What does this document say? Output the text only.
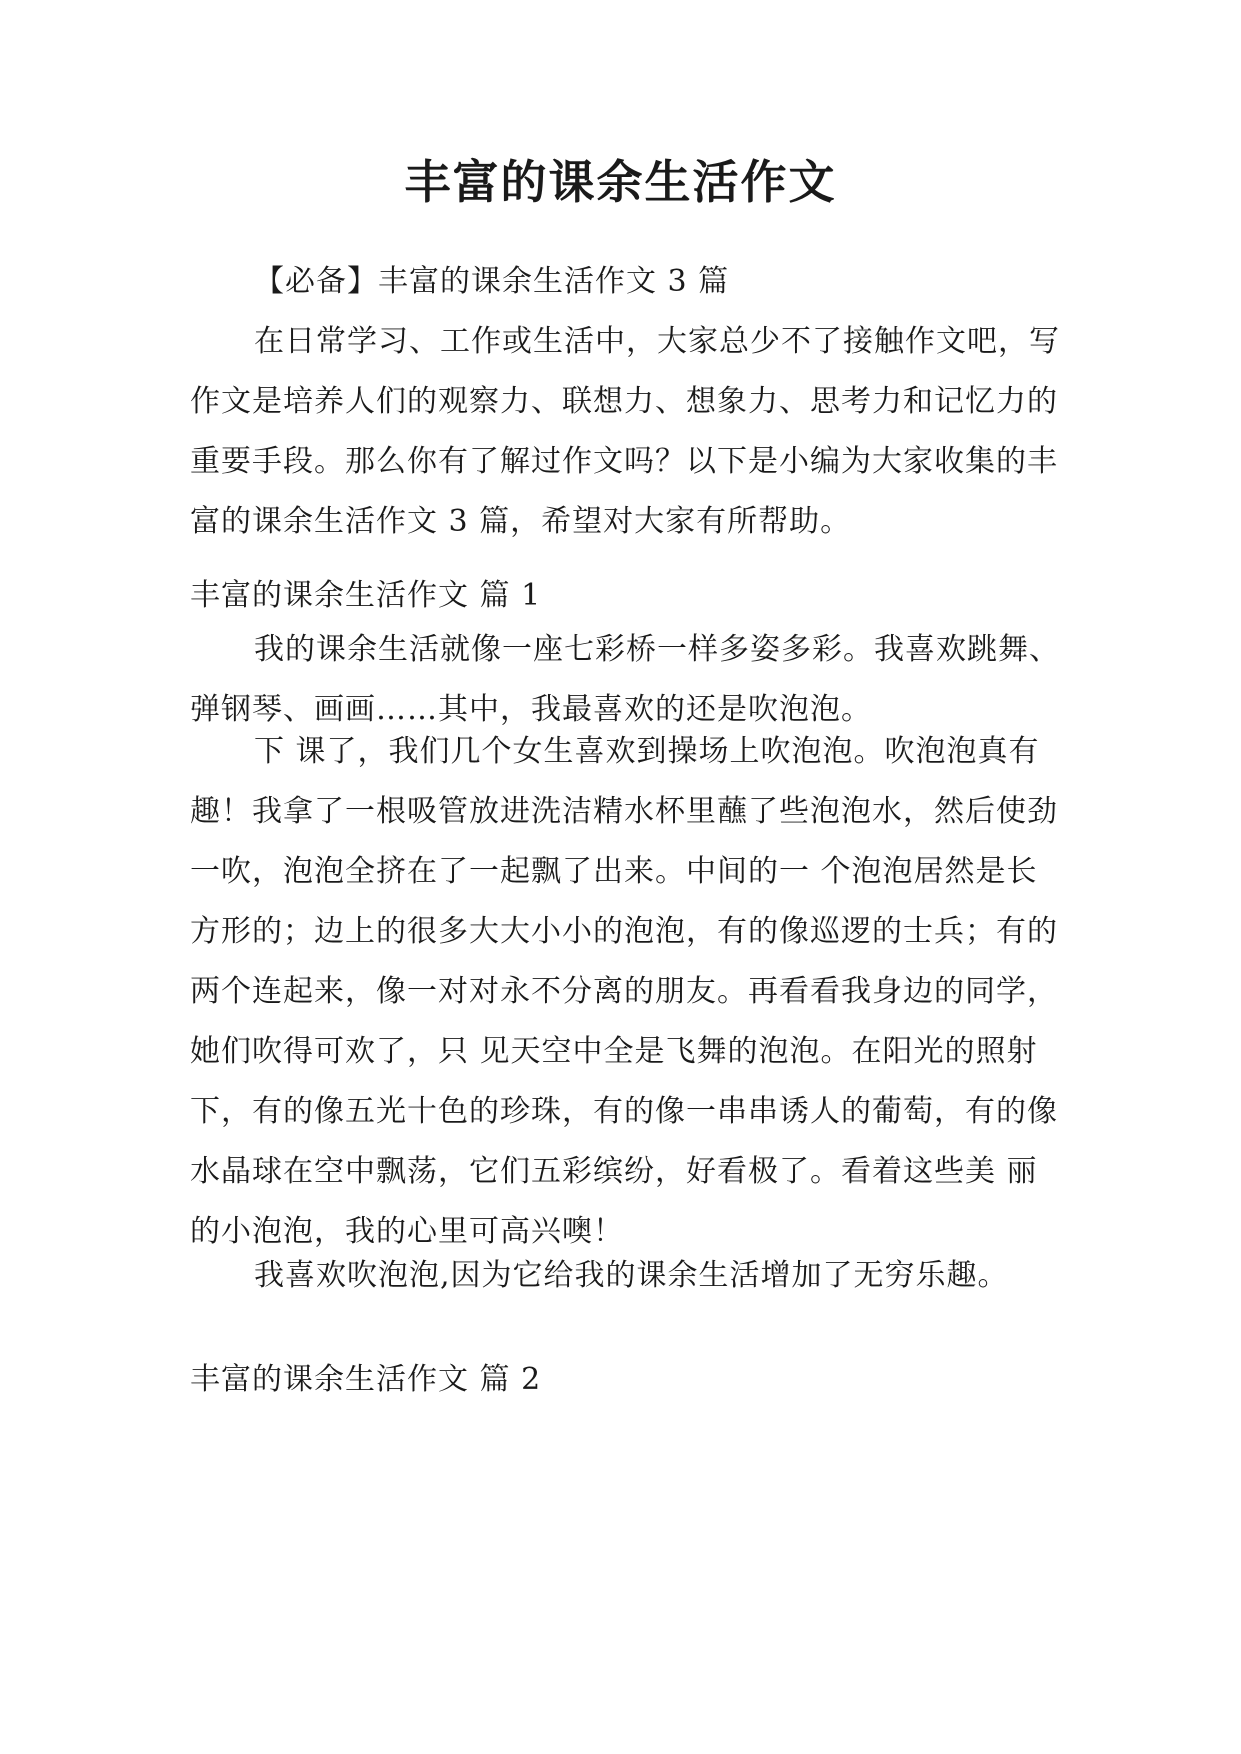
丰富的课余生活作文

【必备】丰富的课余生活作文 3 篇

在日常学习、工作或生活中，大家总少不了接触作文吧，写作文是培养人们的观察力、联想力、想象力、思考力和记忆力的重要手段。那么你有了解过作文吗？以下是小编为大家收集的丰富的课余生活作文 3 篇，希望对大家有所帮助。

丰富的课余生活作文 篇 1

我的课余生活就像一座七彩桥一样多姿多彩。我喜欢跳舞、弹钢琴、画画……其中，我最喜欢的还是吹泡泡。

下 课了，我们几个女生喜欢到操场上吹泡泡。吹泡泡真有趣！我拿了一根吸管放进洗洁精水杯里蘸了些泡泡水，然后使劲一吹，泡泡全挤在了一起飘了出来。中间的一 个泡泡居然是长方形的；边上的很多大大小小的泡泡，有的像巡逻的士兵；有的两个连起来，像一对对永不分离的朋友。再看看我身边的同学，她们吹得可欢了，只 见天空中全是飞舞的泡泡。在阳光的照射下，有的像五光十色的珍珠，有的像一串串诱人的葡萄，有的像水晶球在空中飘荡，它们五彩缤纷，好看极了。看着这些美 丽的小泡泡，我的心里可高兴噢！

我喜欢吹泡泡,因为它给我的课余生活增加了无穷乐趣。

丰富的课余生活作文 篇 2
